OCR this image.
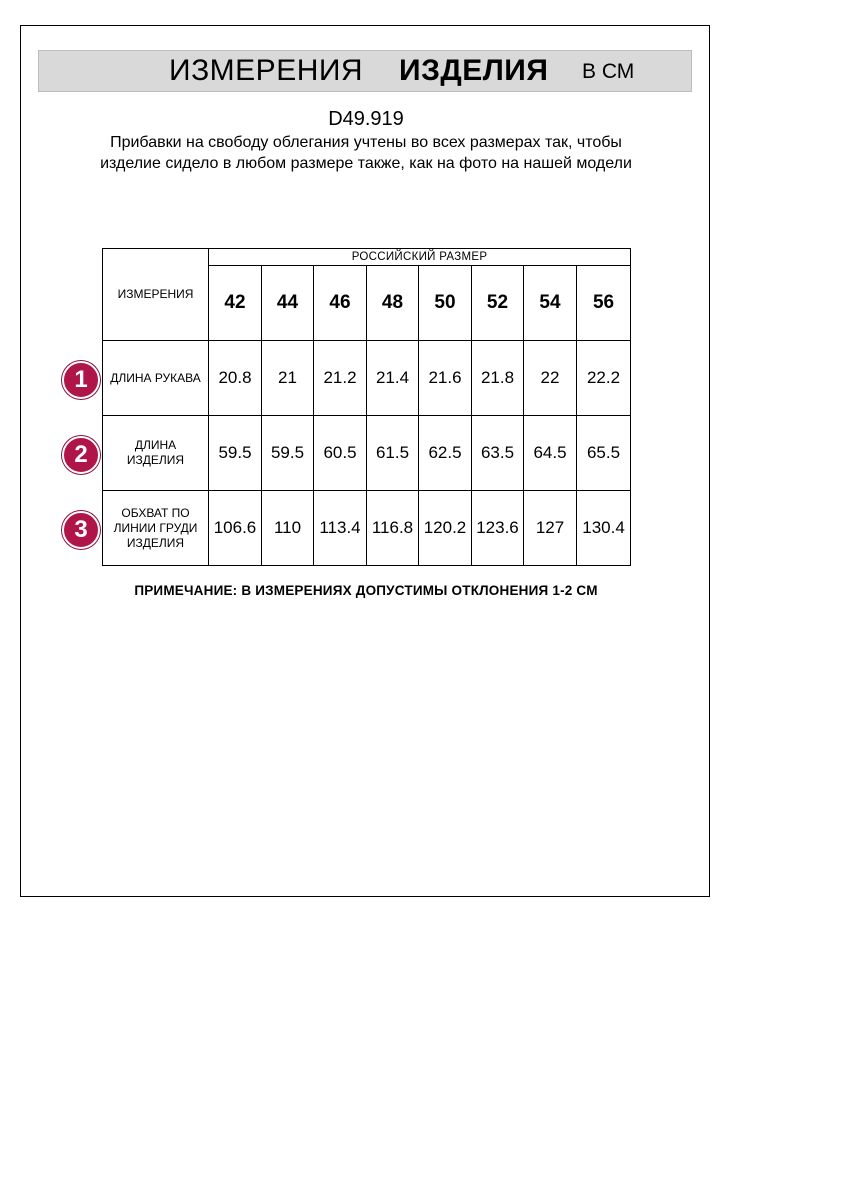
ИЗМЕРЕНИЯ ИЗДЕЛИЯ В СМ
D49.919
Прибавки на свободу облегания учтены во всех размерах так, чтобы изделие сидело в любом размере также, как на фото на нашей модели
ИЗМЕРЕНИЯ	РОССИЙСКИЙ РАЗМЕР							
	42	44	46	48	50	52	54	56
ДЛИНА РУКАВА	20.8	21	21.2	21.4	21.6	21.8	22	22.2
ДЛИНА ИЗДЕЛИЯ	59.5	59.5	60.5	61.5	62.5	63.5	64.5	65.5
ОБХВАТ ПО ЛИНИИ ГРУДИ ИЗДЕЛИЯ	106.6	110	113.4	116.8	120.2	123.6	127	130.4
1
2
3
ПРИМЕЧАНИЕ: В ИЗМЕРЕНИЯХ ДОПУСТИМЫ ОТКЛОНЕНИЯ 1-2 СМ
